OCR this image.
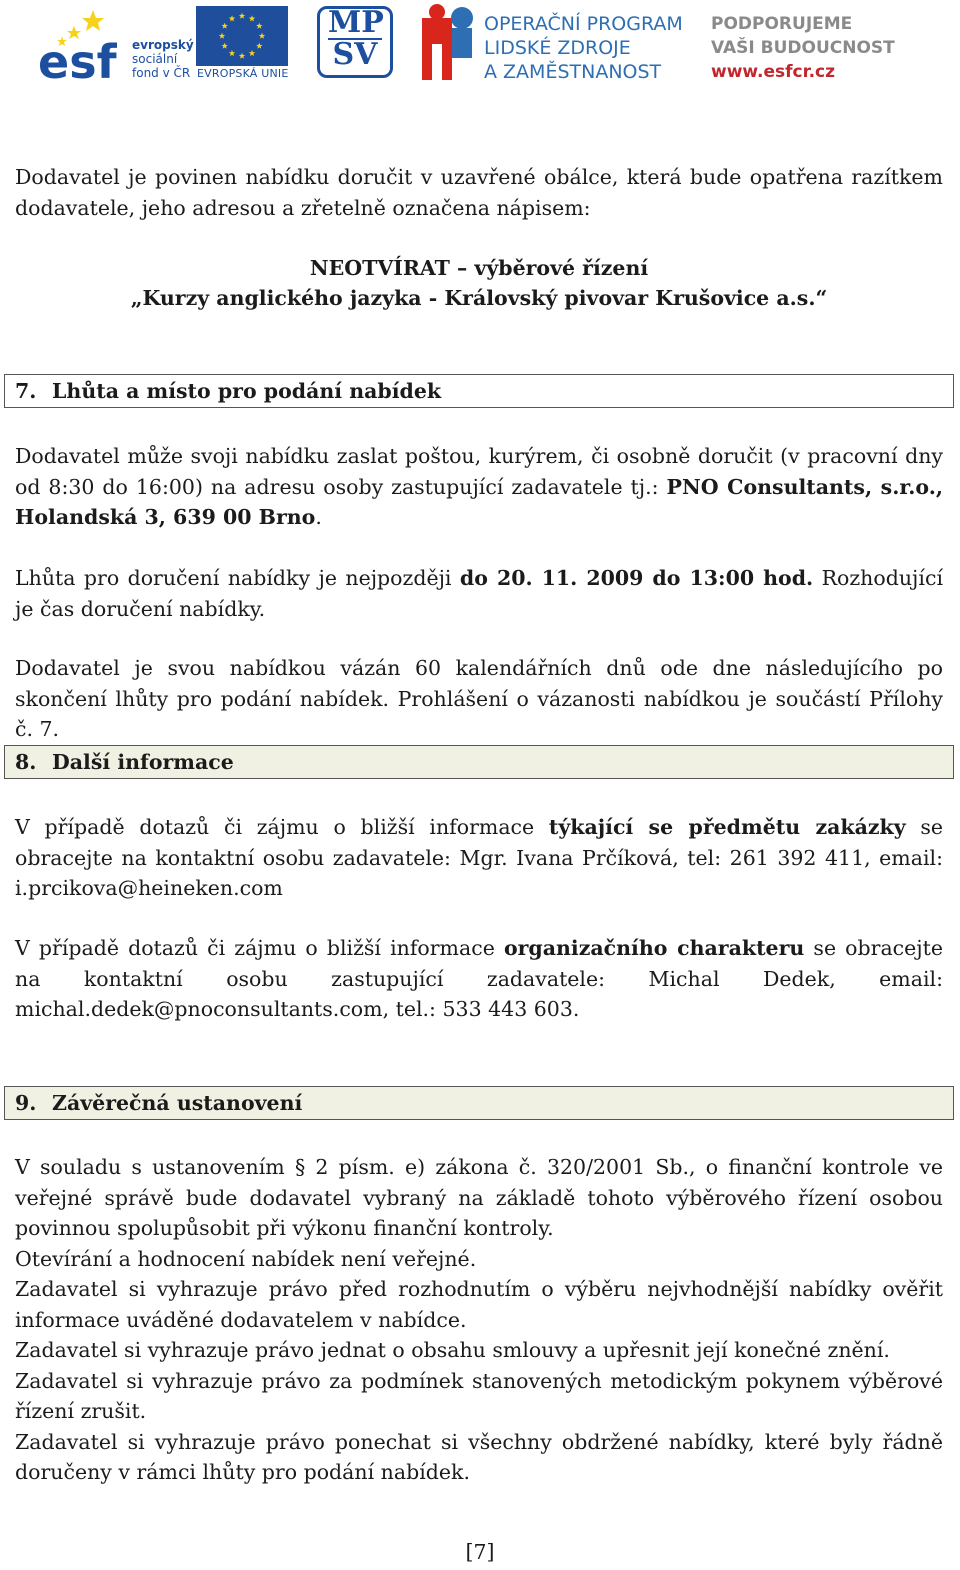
esf evropský
sociální
fond v ČR EVROPSKÁ UNIE
MP
SV
OPERAČNÍ PROGRAM
LIDSKÉ ZDROJE
A ZAMĚSTNANOST
PODPORUJEME
VAŠI BUDOUCNOST
www.esfcr.cz
Dodavatel je povinen nabídku doručit v uzavřené obálce, která bude opatřena razítkem dodavatele, jeho adresou a zřetelně označena nápisem:
NEOTVÍRAT – výběrové řízení
„Kurzy anglického jazyka - Královský pivovar Krušovice a.s.“
7. Lhůta a místo pro podání nabídek
Dodavatel může svoji nabídku zaslat poštou, kurýrem, či osobně doručit (v pracovní dny od 8:30 do 16:00) na adresu osoby zastupující zadavatele tj.: PNO Consultants, s.r.o., Holandská 3, 639 00 Brno.
Lhůta pro doručení nabídky je nejpozději do 20. 11. 2009 do 13:00 hod. Rozhodující je čas doručení nabídky.
Dodavatel je svou nabídkou vázán 60 kalendářních dnů ode dne následujícího po skončení lhůty pro podání nabídek. Prohlášení o vázanosti nabídkou je součástí Přílohy č. 7.
8. Další informace
V případě dotazů či zájmu o bližší informace týkající se předmětu zakázky se obracejte na kontaktní osobu zadavatele: Mgr. Ivana Prčíková, tel: 261 392 411, email: i.prcikova@heineken.com
V případě dotazů či zájmu o bližší informace organizačního charakteru se obracejte na kontaktní osobu zastupující zadavatele: Michal Dedek, email: michal.dedek@pnoconsultants.com, tel.: 533 443 603.
9. Závěrečná ustanovení
V souladu s ustanovením § 2 písm. e) zákona č. 320/2001 Sb., o finanční kontrole ve veřejné správě bude dodavatel vybraný na základě tohoto výběrového řízení osobou povinnou spolupůsobit při výkonu finanční kontroly.
Otevírání a hodnocení nabídek není veřejné.
Zadavatel si vyhrazuje právo před rozhodnutím o výběru nejvhodnější nabídky ověřit informace uváděné dodavatelem v nabídce.
Zadavatel si vyhrazuje právo jednat o obsahu smlouvy a upřesnit její konečné znění.
Zadavatel si vyhrazuje právo za podmínek stanovených metodickým pokynem výběrové řízení zrušit.
Zadavatel si vyhrazuje právo ponechat si všechny obdržené nabídky, které byly řádně doručeny v rámci lhůty pro podání nabídek.
[7]
